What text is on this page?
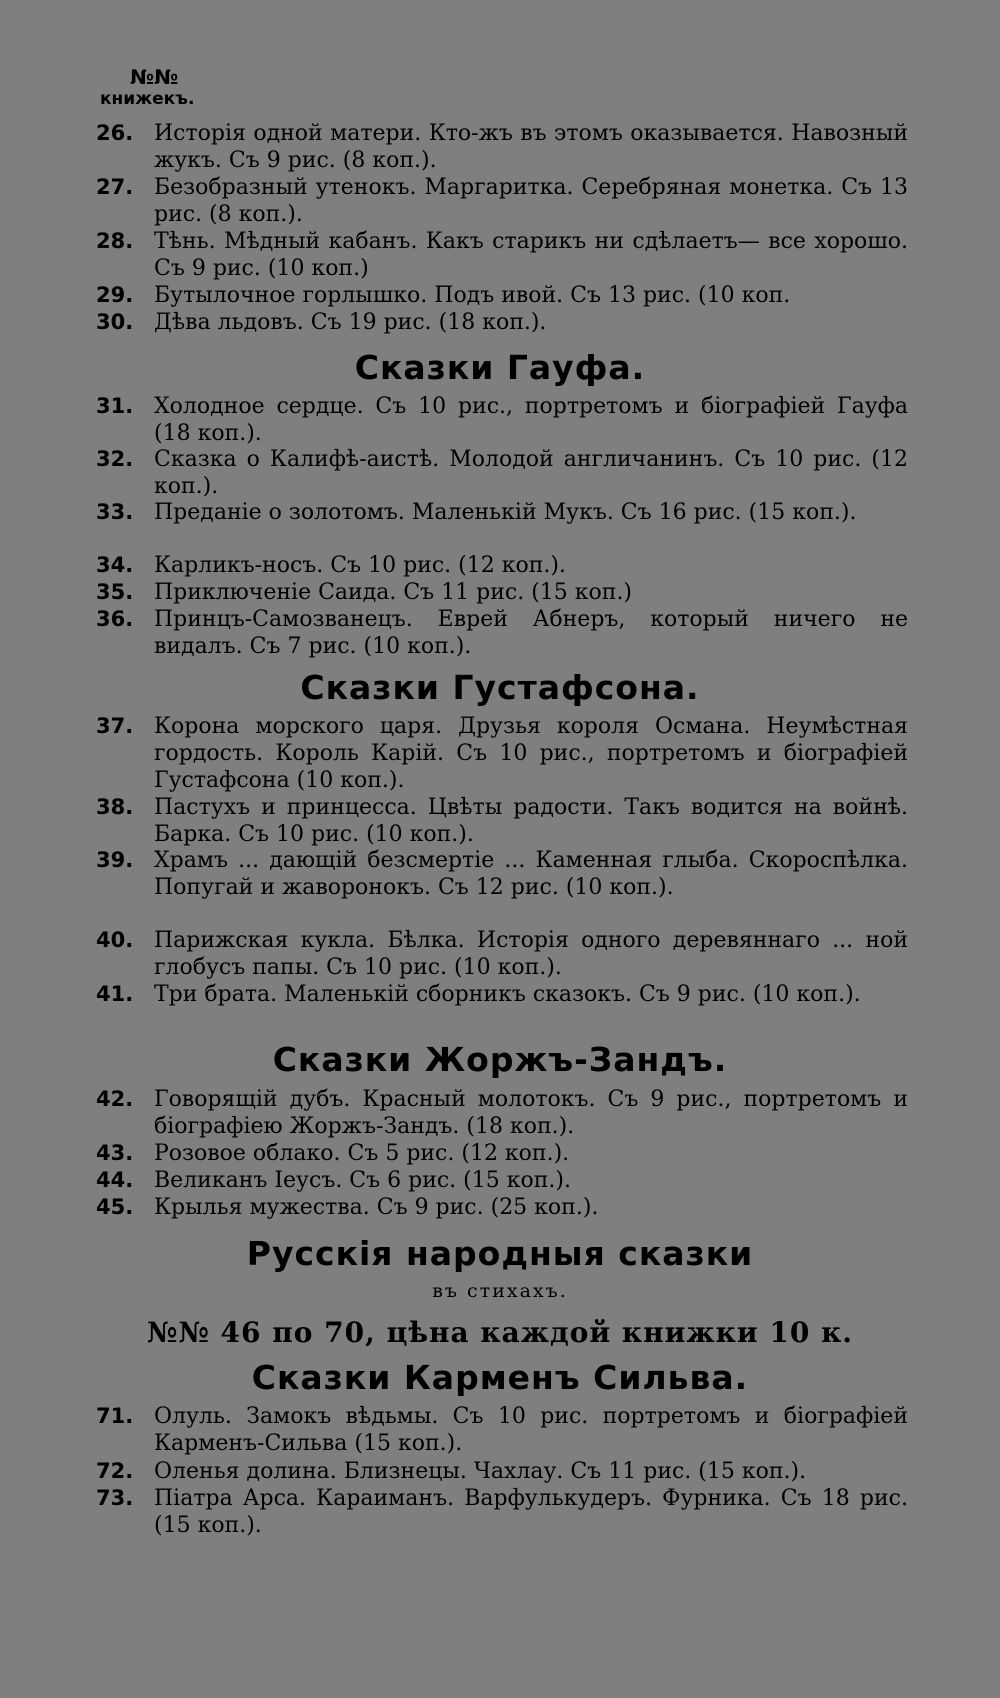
№№
книжекъ.
26. Исторія одной матери. Кто-жъ въ этомъ оказывается. Навозный жукъ. Съ 9 рис. (8 коп.).
27. Безобразный утенокъ. Маргаритка. Серебряная монетка. Съ 13 рис. (8 коп.).
28. Тѣнь. Мѣдный кабанъ. Какъ старикъ ни сдѣлаетъ— все хорошо. Съ 9 рис. (10 коп.)
29. Бутылочное горлышко. Подъ ивой. Съ 13 рис. (10 коп.
30. Дѣва льдовъ. Съ 19 рис. (18 коп.).
Сказки Гауфа.
31. Холодное сердце. Съ 10 рис., портретомъ и біографіей Гауфа (18 коп.).
32. Сказка о Калифѣ-аистѣ. Молодой англичанинъ. Съ 10 рис. (12 коп.).
33. Преданіе о золотомъ. Маленькій Мукъ. Съ 16 рис. (15 коп.).
34. Карликъ-носъ. Съ 10 рис. (12 коп.).
35. Приключеніе Саида. Съ 11 рис. (15 коп.)
36. Принцъ-Самозванецъ. Еврей Абнеръ, который ничего не видалъ. Съ 7 рис. (10 коп.).
Сказки Густафсона.
37. Корона морского царя. Друзья короля Османа. Неумѣстная гордость. Король Карій. Съ 10 рис., портретомъ и біографіей Густафсона (10 коп.).
38. Пастухъ и принцесса. Цвѣты радости. Такъ водится на войнѣ. Барка. Съ 10 рис. (10 коп.).
39. Храмъ ... дающій безсмертіе ... Каменная глыба. Скороспѣлка. Попугай и жаворонокъ. Съ 12 рис. (10 коп.).
40. Парижская кукла. Бѣлка. Исторія одного деревяннаго ... ной глобусъ папы. Съ 10 рис. (10 коп.).
41. Три брата. Маленькій сборникъ сказокъ. Съ 9 рис. (10 коп.).
Сказки Жоржъ-Зандъ.
42. Говорящій дубъ. Красный молотокъ. Съ 9 рис., портретомъ и біографіею Жоржъ-Зандъ. (18 коп.).
43. Розовое облако. Съ 5 рис. (12 коп.).
44. Великанъ Іеусъ. Съ 6 рис. (15 коп.).
45. Крылья мужества. Съ 9 рис. (25 коп.).
Русскія народныя сказки
въ стихахъ.
№№ 46 по 70, цѣна каждой книжки 10 к.
Сказки Карменъ Сильва.
71. Олуль. Замокъ вѣдьмы. Съ 10 рис. портретомъ и біографіей Карменъ-Сильва (15 коп.).
72. Оленья долина. Близнецы. Чахлау. Съ 11 рис. (15 коп.).
73. Піатра Арса. Караиманъ. Варфулькудеръ. Фурника. Съ 18 рис. (15 коп.).
